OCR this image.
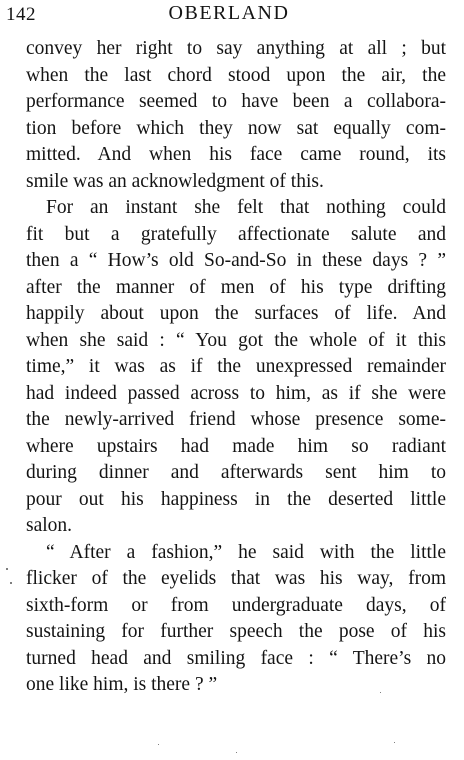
142	OBERLAND
convey her right to say anything at all ; but
when the last chord stood upon the air, the
performance seemed to have been a collabora-
tion before which they now sat equally com-
mitted. And when his face came round, its
smile was an acknowledgment of this.
For an instant she felt that nothing could
fit but a gratefully affectionate salute and
then a “ How’s old So-and-So in these days ? ”
after the manner of men of his type drifting
happily about upon the surfaces of life. And
when she said : “ You got the whole of it this
time,” it was as if the unexpressed remainder
had indeed passed across to him, as if she were
the newly-arrived friend whose presence some-
where upstairs had made him so radiant
during dinner and afterwards sent him to
pour out his happiness in the deserted little
salon.
“ After a fashion,” he said with the little
flicker of the eyelids that was his way, from
sixth-form or from undergraduate days, of
sustaining for further speech the pose of his
turned head and smiling face : “ There’s no
one like him, is there ? ”
